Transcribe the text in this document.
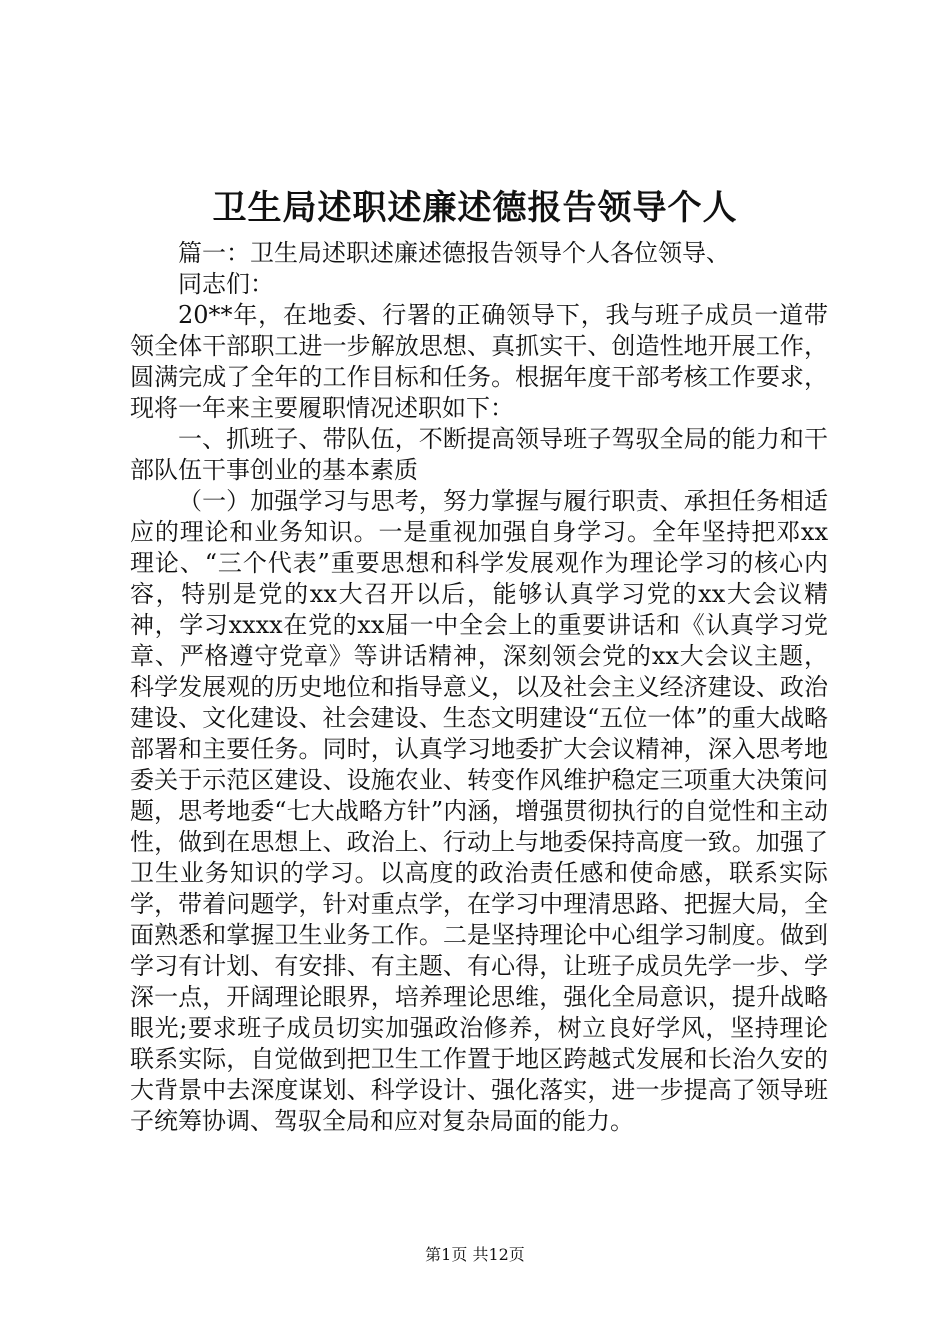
卫生局述职述廉述德报告领导个人

篇一：卫生局述职述廉述德报告领导个人各位领导、

同志们：

20**年，在地委、行署的正确领导下，我与班子成员一道带领全体干部职工进一步解放思想、真抓实干、创造性地开展工作，圆满完成了全年的工作目标和任务。根据年度干部考核工作要求，现将一年来主要履职情况述职如下：

一、抓班子、带队伍，不断提高领导班子驾驭全局的能力和干部队伍干事创业的基本素质

（一）加强学习与思考，努力掌握与履行职责、承担任务相适应的理论和业务知识。一是重视加强自身学习。全年坚持把邓xx理论、“三个代表”重要思想和科学发展观作为理论学习的核心内容，特别是党的xx大召开以后，能够认真学习党的xx大会议精神，学习xxxx在党的xx届一中全会上的重要讲话和《认真学习党章、严格遵守党章》等讲话精神，深刻领会党的xx大会议主题，科学发展观的历史地位和指导意义，以及社会主义经济建设、政治建设、文化建设、社会建设、生态文明建设“五位一体”的重大战略部署和主要任务。同时，认真学习地委扩大会议精神，深入思考地委关于示范区建设、设施农业、转变作风维护稳定三项重大决策问题，思考地委“七大战略方针”内涵，增强贯彻执行的自觉性和主动性，做到在思想上、政治上、行动上与地委保持高度一致。加强了卫生业务知识的学习。以高度的政治责任感和使命感，联系实际学，带着问题学，针对重点学，在学习中理清思路、把握大局，全面熟悉和掌握卫生业务工作。二是坚持理论中心组学习制度。做到学习有计划、有安排、有主题、有心得，让班子成员先学一步、学深一点，开阔理论眼界，培养理论思维，强化全局意识，提升战略眼光;要求班子成员切实加强政治修养，树立良好学风，坚持理论联系实际，自觉做到把卫生工作置于地区跨越式发展和长治久安的大背景中去深度谋划、科学设计、强化落实，进一步提高了领导班子统筹协调、驾驭全局和应对复杂局面的能力。

第1页 共12页
